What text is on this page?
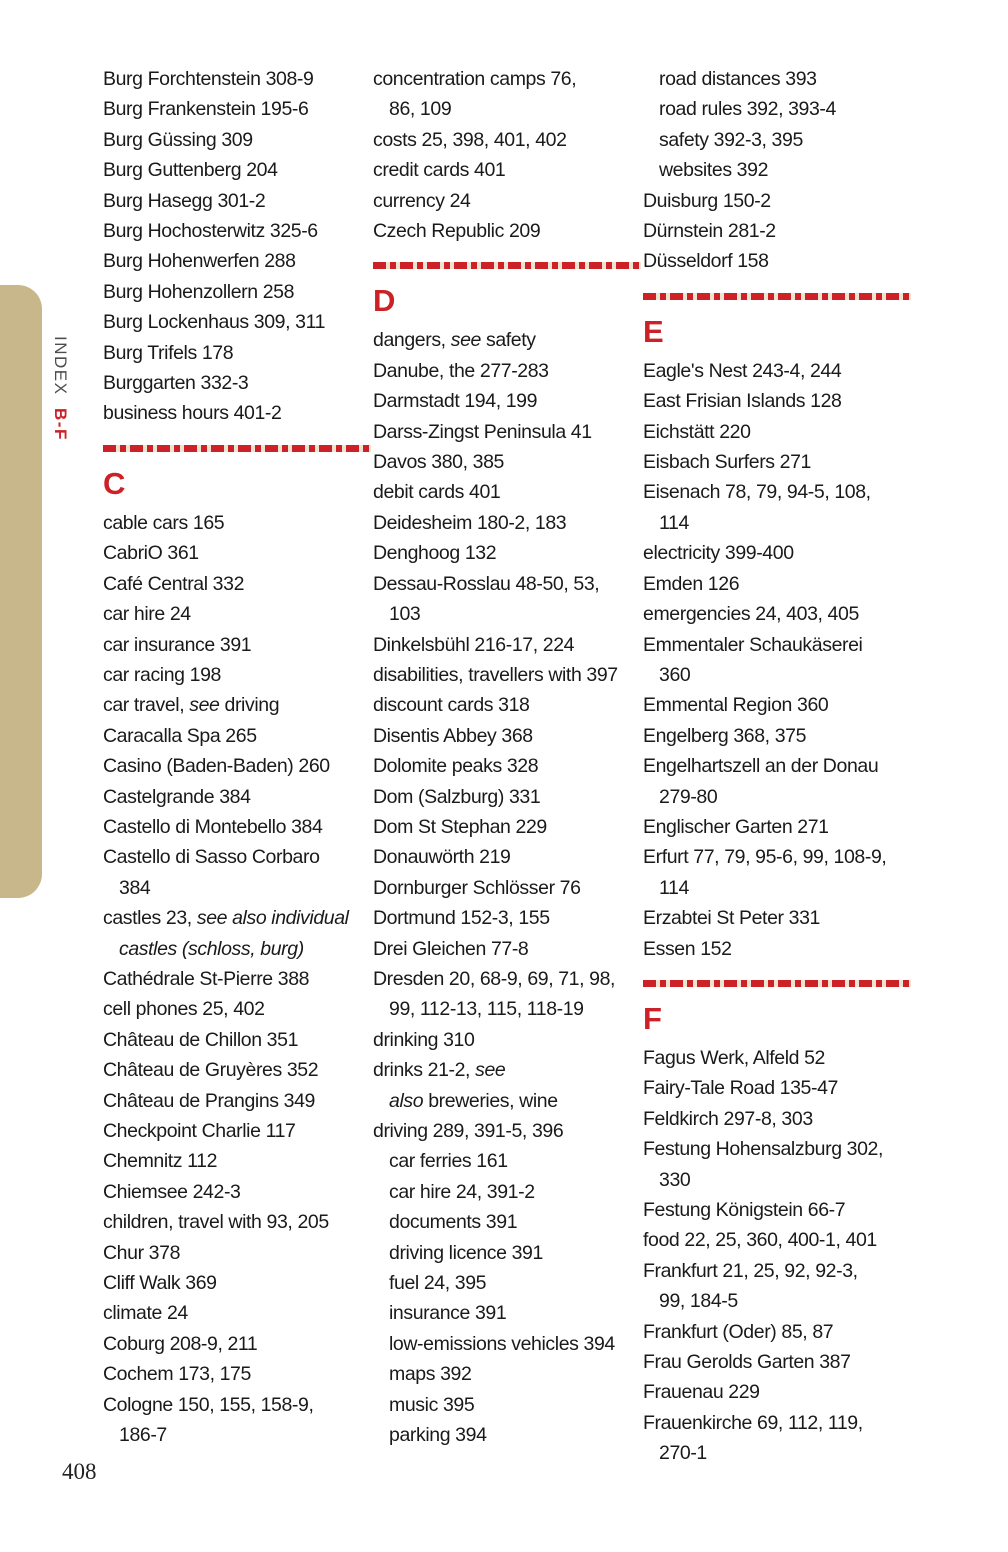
INDEX B-F
Burg Forchtenstein 308-9
Burg Frankenstein 195-6
Burg Güssing 309
Burg Guttenberg 204
Burg Hasegg 301-2
Burg Hochosterwitz 325-6
Burg Hohenwerfen 288
Burg Hohenzollern 258
Burg Lockenhaus 309, 311
Burg Trifels 178
Burggarten 332-3
business hours 401-2
C
cable cars 165
CabriO 361
Café Central 332
car hire 24
car insurance 391
car racing 198
car travel, see driving
Caracalla Spa 265
Casino (Baden-Baden) 260
Castelgrande 384
Castello di Montebello 384
Castello di Sasso Corbaro
384
castles 23, see also individual
castles (schloss, burg)
Cathédrale St-Pierre 388
cell phones 25, 402
Château de Chillon 351
Château de Gruyères 352
Château de Prangins 349
Checkpoint Charlie 117
Chemnitz 112
Chiemsee 242-3
children, travel with 93, 205
Chur 378
Cliff Walk 369
climate 24
Coburg 208-9, 211
Cochem 173, 175
Cologne 150, 155, 158-9,
186-7
concentration camps 76,
86, 109
costs 25, 398, 401, 402
credit cards 401
currency 24
Czech Republic 209
D
dangers, see safety
Danube, the 277-283
Darmstadt 194, 199
Darss-Zingst Peninsula 41
Davos 380, 385
debit cards 401
Deidesheim 180-2, 183
Denghoog 132
Dessau-Rosslau 48-50, 53,
103
Dinkelsbühl 216-17, 224
disabilities, travellers with 397
discount cards 318
Disentis Abbey 368
Dolomite peaks 328
Dom (Salzburg) 331
Dom St Stephan 229
Donauwörth 219
Dornburger Schlösser 76
Dortmund 152-3, 155
Drei Gleichen 77-8
Dresden 20, 68-9, 69, 71, 98,
99, 112-13, 115, 118-19
drinking 310
drinks 21-2, see
also breweries, wine
driving 289, 391-5, 396
car ferries 161
car hire 24, 391-2
documents 391
driving licence 391
fuel 24, 395
insurance 391
low-emissions vehicles 394
maps 392
music 395
parking 394
road distances 393
road rules 392, 393-4
safety 392-3, 395
websites 392
Duisburg 150-2
Dürnstein 281-2
Düsseldorf 158
E
Eagle's Nest 243-4, 244
East Frisian Islands 128
Eichstätt 220
Eisbach Surfers 271
Eisenach 78, 79, 94-5, 108,
114
electricity 399-400
Emden 126
emergencies 24, 403, 405
Emmentaler Schaukäserei
360
Emmental Region 360
Engelberg 368, 375
Engelhartszell an der Donau
279-80
Englischer Garten 271
Erfurt 77, 79, 95-6, 99, 108-9,
114
Erzabtei St Peter 331
Essen 152
F
Fagus Werk, Alfeld 52
Fairy-Tale Road 135-47
Feldkirch 297-8, 303
Festung Hohensalzburg 302,
330
Festung Königstein 66-7
food 22, 25, 360, 400-1, 401
Frankfurt 21, 25, 92, 92-3,
99, 184-5
Frankfurt (Oder) 85, 87
Frau Gerolds Garten 387
Frauenau 229
Frauenkirche 69, 112, 119,
270-1
408
